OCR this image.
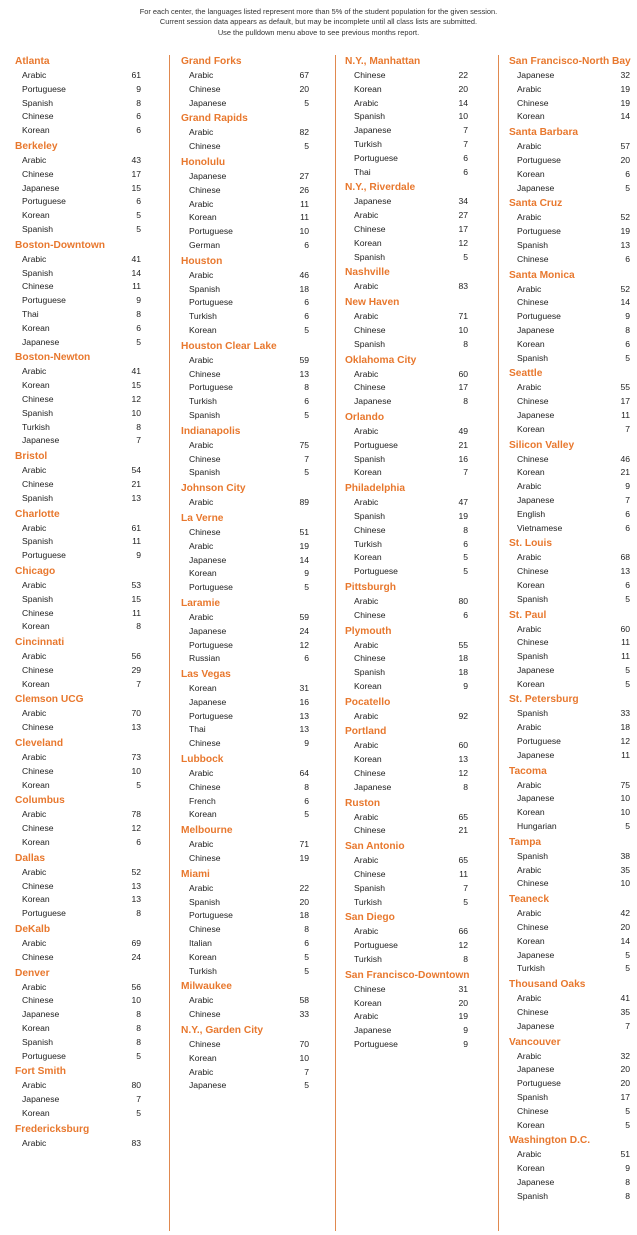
For each center, the languages listed represent more than 5% of the student population for the given session.
Current session data appears as default, but may be incomplete until all class lists are submitted.
Use the pulldown menu above to see previous months report.
Atlanta
Arabic	61
Portuguese	9
Spanish	8
Chinese	6
Korean	6
Berkeley
Arabic	43
Chinese	17
Japanese	15
Portuguese	6
Korean	5
Spanish	5
Boston-Downtown
Arabic	41
Spanish	14
Chinese	11
Portuguese	9
Thai	8
Korean	6
Japanese	5
Boston-Newton
Arabic	41
Korean	15
Chinese	12
Spanish	10
Turkish	8
Japanese	7
Bristol
Arabic	54
Chinese	21
Spanish	13
Charlotte
Arabic	61
Spanish	11
Portuguese	9
Chicago
Arabic	53
Spanish	15
Chinese	11
Korean	8
Cincinnati
Arabic	56
Chinese	29
Korean	7
Clemson UCG
Arabic	70
Chinese	13
Cleveland
Arabic	73
Chinese	10
Korean	5
Columbus
Arabic	78
Chinese	12
Korean	6
Dallas
Arabic	52
Chinese	13
Korean	13
Portuguese	8
DeKalb
Arabic	69
Chinese	24
Denver
Arabic	56
Chinese	10
Japanese	8
Korean	8
Spanish	8
Portuguese	5
Fort Smith
Arabic	80
Japanese	7
Korean	5
Fredericksburg
Arabic	83
Grand Forks
Arabic	67
Chinese	20
Japanese	5
Grand Rapids
Arabic	82
Chinese	5
Honolulu
Japanese	27
Chinese	26
Arabic	11
Korean	11
Portuguese	10
German	6
Houston
Arabic	46
Spanish	18
Portuguese	6
Turkish	6
Korean	5
Houston Clear Lake
Arabic	59
Chinese	13
Portuguese	8
Turkish	6
Spanish	5
Indianapolis
Arabic	75
Chinese	7
Spanish	5
Johnson City
Arabic	89
La Verne
Chinese	51
Arabic	19
Japanese	14
Korean	9
Portuguese	5
Laramie
Arabic	59
Japanese	24
Portuguese	12
Russian	6
Las Vegas
Korean	31
Japanese	16
Portuguese	13
Thai	13
Chinese	9
Lubbock
Arabic	64
Chinese	8
French	6
Korean	5
Melbourne
Arabic	71
Chinese	19
Miami
Arabic	22
Spanish	20
Portuguese	18
Chinese	8
Italian	6
Korean	5
Turkish	5
Milwaukee
Arabic	58
Chinese	33
N.Y., Garden City
Chinese	70
Korean	10
Arabic	7
Japanese	5
N.Y., Manhattan
Chinese	22
Korean	20
Arabic	14
Spanish	10
Japanese	7
Turkish	7
Portuguese	6
Thai	6
N.Y., Riverdale
Japanese	34
Arabic	27
Chinese	17
Korean	12
Spanish	5
Nashville
Arabic	83
New Haven
Arabic	71
Chinese	10
Spanish	8
Oklahoma City
Arabic	60
Chinese	17
Japanese	8
Orlando
Arabic	49
Portuguese	21
Spanish	16
Korean	7
Philadelphia
Arabic	47
Spanish	19
Chinese	8
Turkish	6
Korean	5
Portuguese	5
Pittsburgh
Arabic	80
Chinese	6
Plymouth
Arabic	55
Chinese	18
Spanish	18
Korean	9
Pocatello
Arabic	92
Portland
Arabic	60
Korean	13
Chinese	12
Japanese	8
Ruston
Arabic	65
Chinese	21
San Antonio
Arabic	65
Chinese	11
Spanish	7
Turkish	5
San Diego
Arabic	66
Portuguese	12
Turkish	8
San Francisco-Downtown
Chinese	31
Korean	20
Arabic	19
Japanese	9
Portuguese	9
San Francisco-North Bay
Japanese	32
Arabic	19
Chinese	19
Korean	14
Santa Barbara
Arabic	57
Portuguese	20
Korean	6
Japanese	5
Santa Cruz
Arabic	52
Portuguese	19
Spanish	13
Chinese	6
Santa Monica
Arabic	52
Chinese	14
Portuguese	9
Japanese	8
Korean	6
Spanish	5
Seattle
Arabic	55
Chinese	17
Japanese	11
Korean	7
Silicon Valley
Chinese	46
Korean	21
Arabic	9
Japanese	7
English	6
Vietnamese	6
St. Louis
Arabic	68
Chinese	13
Korean	6
Spanish	5
St. Paul
Arabic	60
Chinese	11
Spanish	11
Japanese	5
Korean	5
St. Petersburg
Spanish	33
Arabic	18
Portuguese	12
Japanese	11
Tacoma
Arabic	75
Japanese	10
Korean	10
Hungarian	5
Tampa
Spanish	38
Arabic	35
Chinese	10
Teaneck
Arabic	42
Chinese	20
Korean	14
Japanese	5
Turkish	5
Thousand Oaks
Arabic	41
Chinese	35
Japanese	7
Vancouver
Arabic	32
Japanese	20
Portuguese	20
Spanish	17
Chinese	5
Korean	5
Washington D.C.
Arabic	51
Korean	9
Japanese	8
Spanish	8
